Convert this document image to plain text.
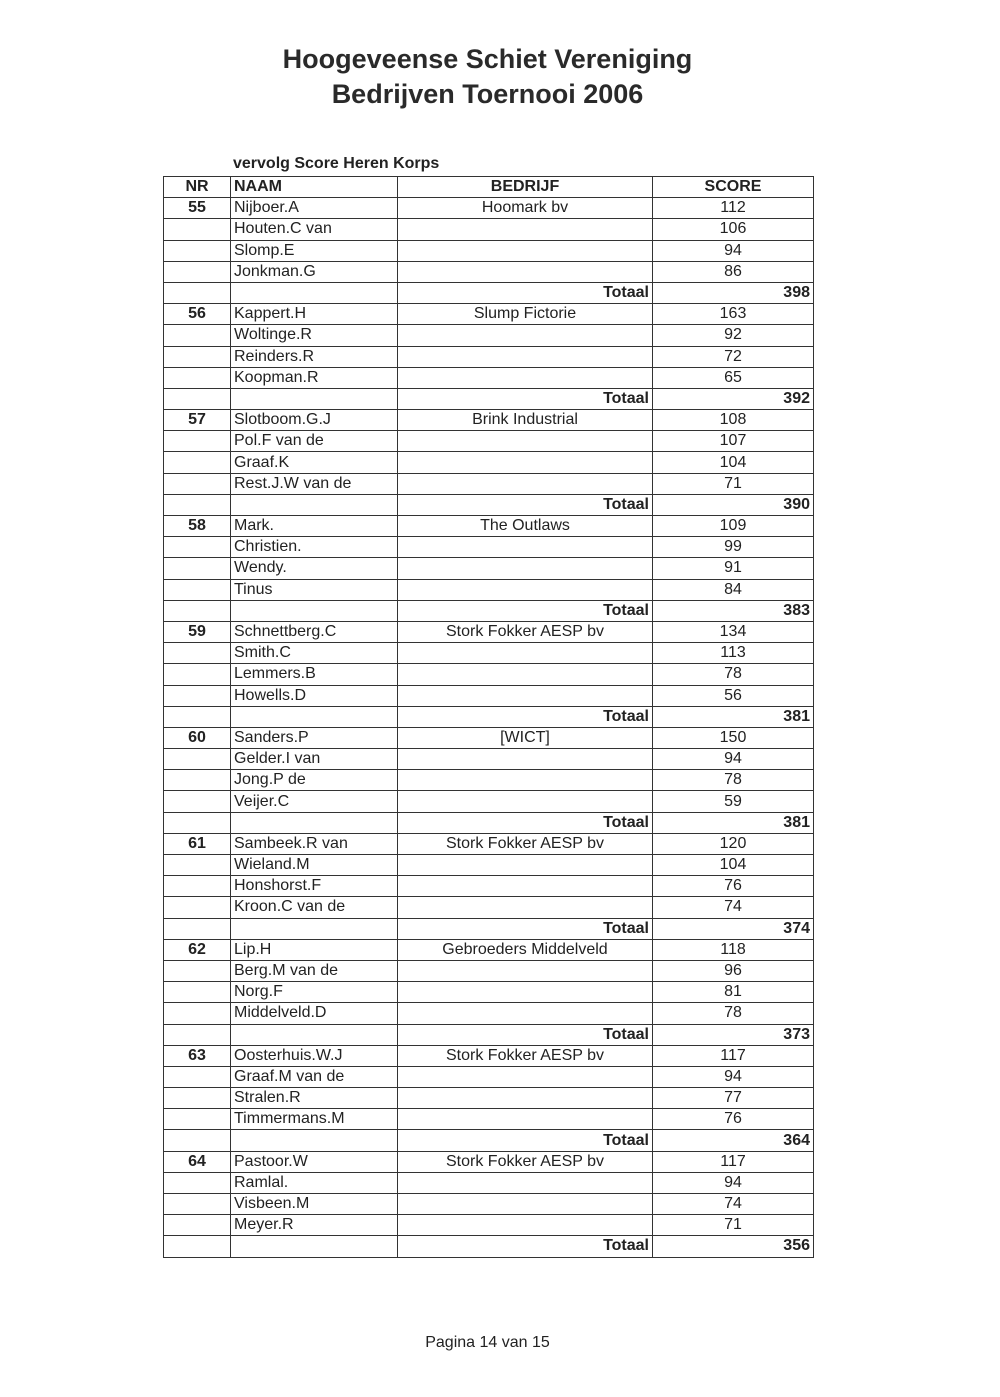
Hoogeveense Schiet Vereniging
Bedrijven Toernooi 2006
vervolg Score Heren Korps
NR	NAAM	BEDRIJF	SCORE
55	Nijboer.A	Hoomark bv	112
	Houten.C van		106
	Slomp.E		94
	Jonkman.G		86
		Totaal	398
56	Kappert.H	Slump Fictorie	163
	Woltinge.R		92
	Reinders.R		72
	Koopman.R		65
		Totaal	392
57	Slotboom.G.J	Brink Industrial	108
	Pol.F van de		107
	Graaf.K		104
	Rest.J.W van de		71
		Totaal	390
58	Mark.	The Outlaws	109
	Christien.		99
	Wendy.		91
	Tinus		84
		Totaal	383
59	Schnettberg.C	Stork Fokker AESP bv	134
	Smith.C		113
	Lemmers.B		78
	Howells.D		56
		Totaal	381
60	Sanders.P	[WICT]	150
	Gelder.I van		94
	Jong.P de		78
	Veijer.C		59
		Totaal	381
61	Sambeek.R van	Stork Fokker AESP bv	120
	Wieland.M		104
	Honshorst.F		76
	Kroon.C van de		74
		Totaal	374
62	Lip.H	Gebroeders Middelveld	118
	Berg.M van de		96
	Norg.F		81
	Middelveld.D		78
		Totaal	373
63	Oosterhuis.W.J	Stork Fokker AESP bv	117
	Graaf.M van de		94
	Stralen.R		77
	Timmermans.M		76
		Totaal	364
64	Pastoor.W	Stork Fokker AESP bv	117
	Ramlal.		94
	Visbeen.M		74
	Meyer.R		71
		Totaal	356
Pagina 14 van 15
